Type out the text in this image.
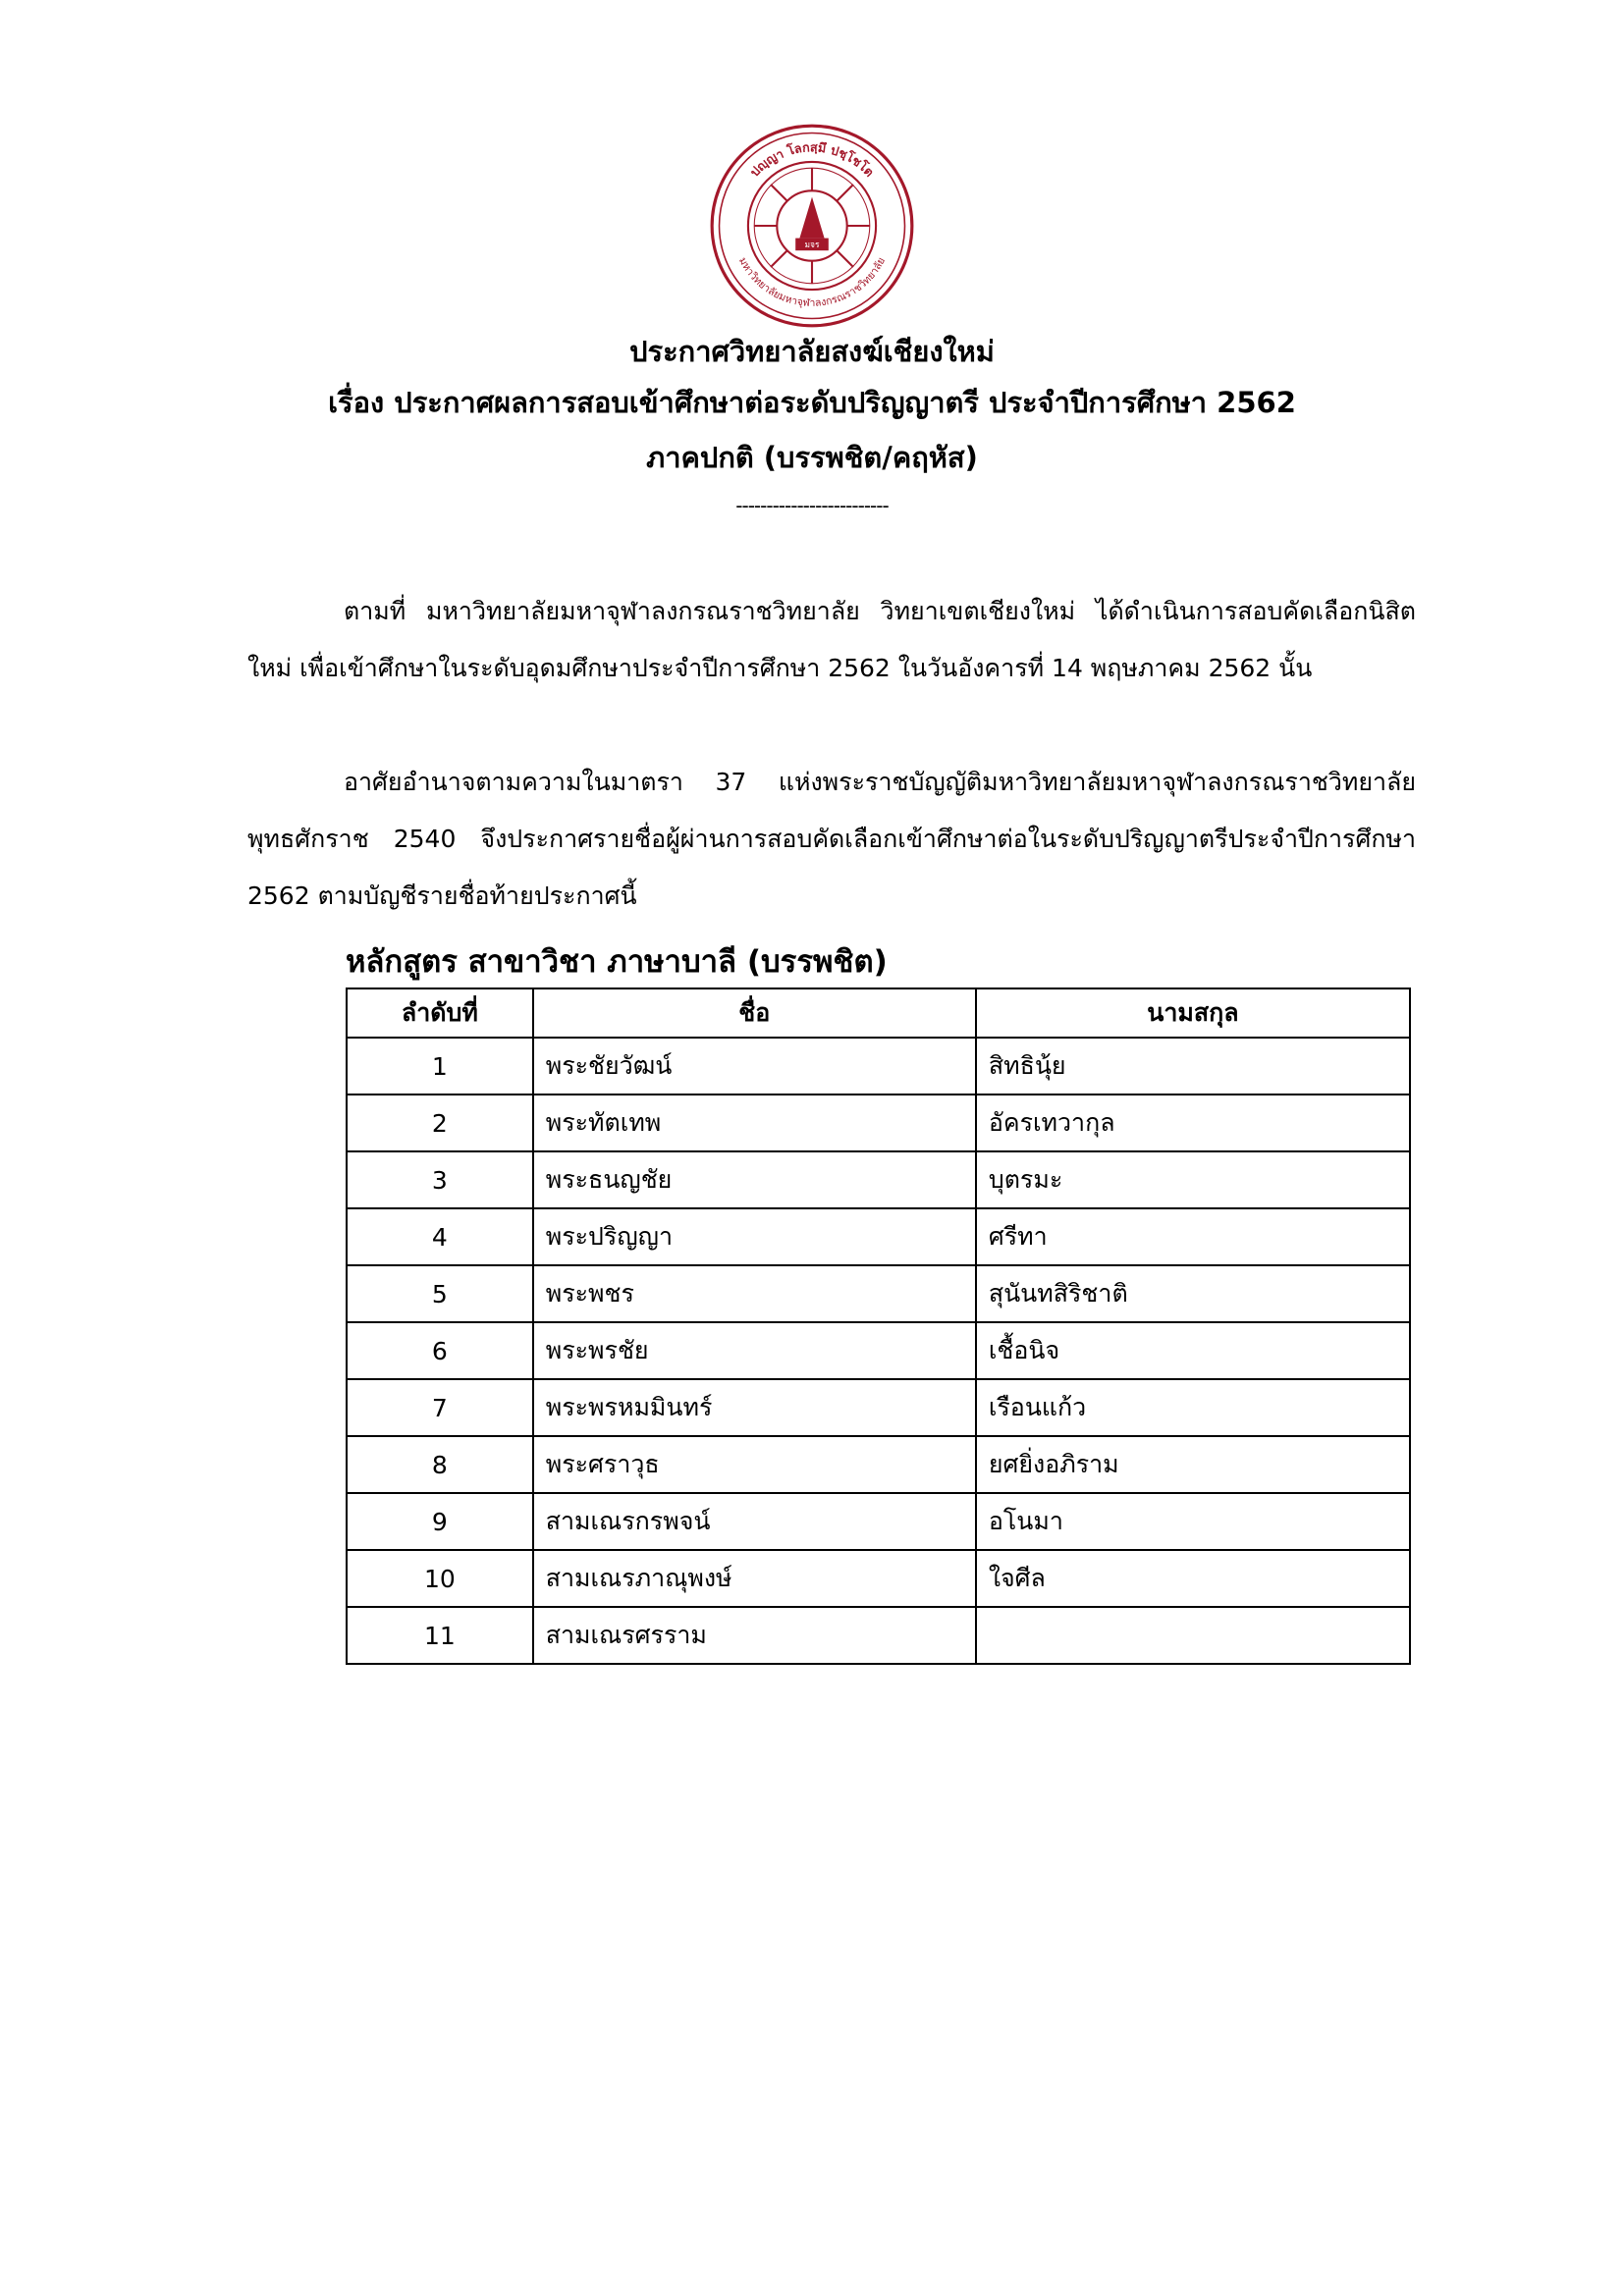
ปญฺญา โลกสฺมึ ปชฺโชโต
มหาวิทยาลัยมหาจุฬาลงกรณราชวิทยาลัย
มจร
ประกาศวิทยาลัยสงฆ์เชียงใหม่
เรื่อง ประกาศผลการสอบเข้าศึกษาต่อระดับปริญญาตรี ประจำปีการศึกษา 2562
ภาคปกติ (บรรพชิต/คฤหัส)
-------------------------

ตามที่ มหาวิทยาลัยมหาจุฬาลงกรณราชวิทยาลัย วิทยาเขตเชียงใหม่ ได้ดำเนินการสอบคัดเลือกนิสิตใหม่ เพื่อเข้าศึกษาในระดับอุดมศึกษาประจำปีการศึกษา 2562 ในวันอังคารที่ 14 พฤษภาคม 2562 นั้น

อาศัยอำนาจตามความในมาตรา 37 แห่งพระราชบัญญัติมหาวิทยาลัยมหาจุฬาลงกรณราชวิทยาลัย พุทธศักราช 2540 จึงประกาศรายชื่อผู้ผ่านการสอบคัดเลือกเข้าศึกษาต่อในระดับปริญญาตรีประจำปีการศึกษา 2562 ตามบัญชีรายชื่อท้ายประกาศนี้

หลักสูตร สาขาวิชา ภาษาบาลี (บรรพชิต)
ลำดับที่	ชื่อ	นามสกุล
1	พระชัยวัฒน์	สิทธินุ้ย
2	พระทัตเทพ	อัครเทวากุล
3	พระธนญชัย	บุตรมะ
4	พระปริญญา	ศรีทา
5	พระพชร	สุนันทสิริชาติ
6	พระพรชัย	เชื้อนิจ
7	พระพรหมมินทร์	เรือนแก้ว
8	พระศราวุธ	ยศยิ่งอภิราม
9	สามเณรกรพจน์	อโนมา
10	สามเณรภาณุพงษ์	ใจศีล
11	สามเณรศรราม	
